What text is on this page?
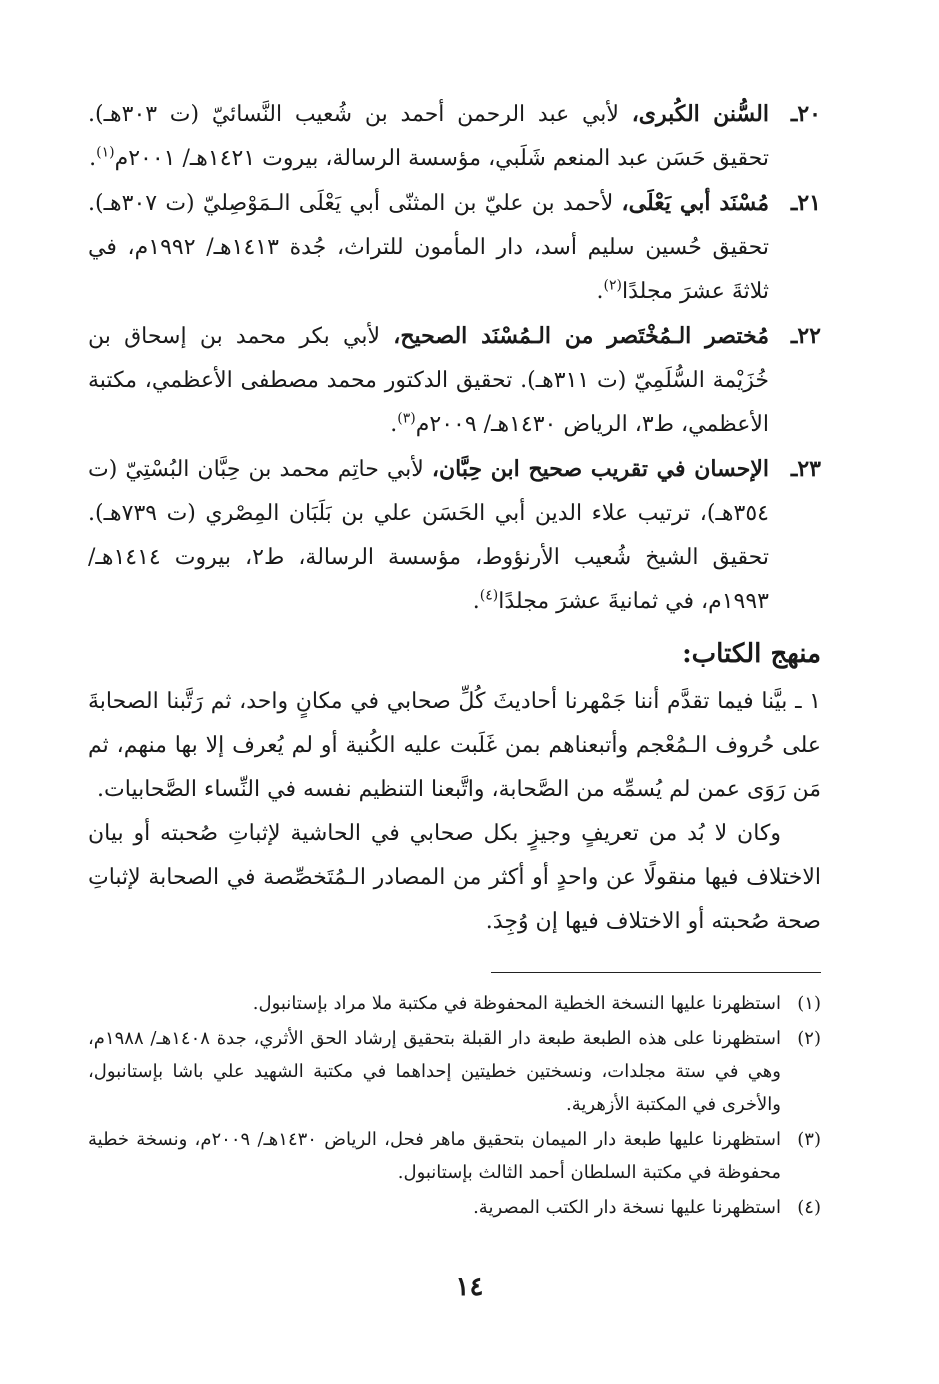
٢٠ـ
السُّنن الكُبرى، لأبي عبد الرحمن أحمد بن شُعيب النَّسائيّ (ت ٣٠٣هـ). تحقيق حَسَن عبد المنعم شَلَبي، مؤسسة الرسالة، بيروت ١٤٢١هـ/ ٢٠٠١م$^{(١)}$.

٢١ـ
مُسْنَد أبي يَعْلَى، لأحمد بن عليّ بن المثنّى أبي يَعْلَى الـمَوْصِليّ (ت ٣٠٧هـ). تحقيق حُسين سليم أسد، دار المأمون للتراث، جُدة ١٤١٣هـ/ ١٩٩٢م، في ثلاثةَ عشرَ مجلدًا$^{(٢)}$.

٢٢ـ
مُختصر الـمُخْتَصر من الـمُسْنَد الصحيح، لأبي بكر محمد بن إسحاق بن خُزَيْمة السُّلَمِيّ (ت ٣١١هـ). تحقيق الدكتور محمد مصطفى الأعظمي، مكتبة الأعظمي، ط٣، الرياض ١٤٣٠هـ/ ٢٠٠٩م$^{(٣)}$.

٢٣ـ
الإحسان في تقريب صحيح ابن حِبَّان، لأبي حاتِم محمد بن حِبَّان البُسْتِيّ (ت ٣٥٤هـ)، ترتيب علاء الدين أبي الحَسَن علي بن بَلَبَان المِصْري (ت ٧٣٩هـ). تحقيق الشيخ شُعيب الأرنؤوط، مؤسسة الرسالة، ط٢، بيروت ١٤١٤هـ/ ١٩٩٣م، في ثمانيةَ عشرَ مجلدًا$^{(٤)}$.

منهج الكتاب:

١ ـ بيَّنا فيما تقدَّم أننا جَمْهرنا أحاديثَ كُلِّ صحابي في مكانٍ واحد، ثم رَتَّبنا الصحابةَ على حُروف الـمُعْجم وأتبعناهم بمن غَلَبت عليه الكُنية أو لم يُعرف إلا بها منهم، ثم مَن رَوَى عمن لم يُسمِّه من الصَّحابة، واتَّبعنا التنظيم نفسه في النِّساء الصَّحابيات.

وكان لا بُد من تعريفٍ وجيزٍ بكل صحابي في الحاشية لإثباتِ صُحبته أو بيان الاختلاف فيها منقولًا عن واحدٍ أو أكثر من المصادر الـمُتَخصِّصة في الصحابة لإثباتِ صحة صُحبته أو الاختلاف فيها إن وُجِدَ.

(١)
استظهرنا عليها النسخة الخطية المحفوظة في مكتبة ملا مراد بإستانبول.

(٢)
استظهرنا على هذه الطبعة طبعة دار القبلة بتحقيق إرشاد الحق الأثري، جدة ١٤٠٨هـ/ ١٩٨٨م، وهي في ستة مجلدات، ونسختين خطيتين إحداهما في مكتبة الشهيد علي باشا بإستانبول، والأخرى في المكتبة الأزهرية.

(٣)
استظهرنا عليها طبعة دار الميمان بتحقيق ماهر فحل، الرياض ١٤٣٠هـ/ ٢٠٠٩م، ونسخة خطية محفوظة في مكتبة السلطان أحمد الثالث بإستانبول.

(٤)
استظهرنا عليها نسخة دار الكتب المصرية.

١٤
